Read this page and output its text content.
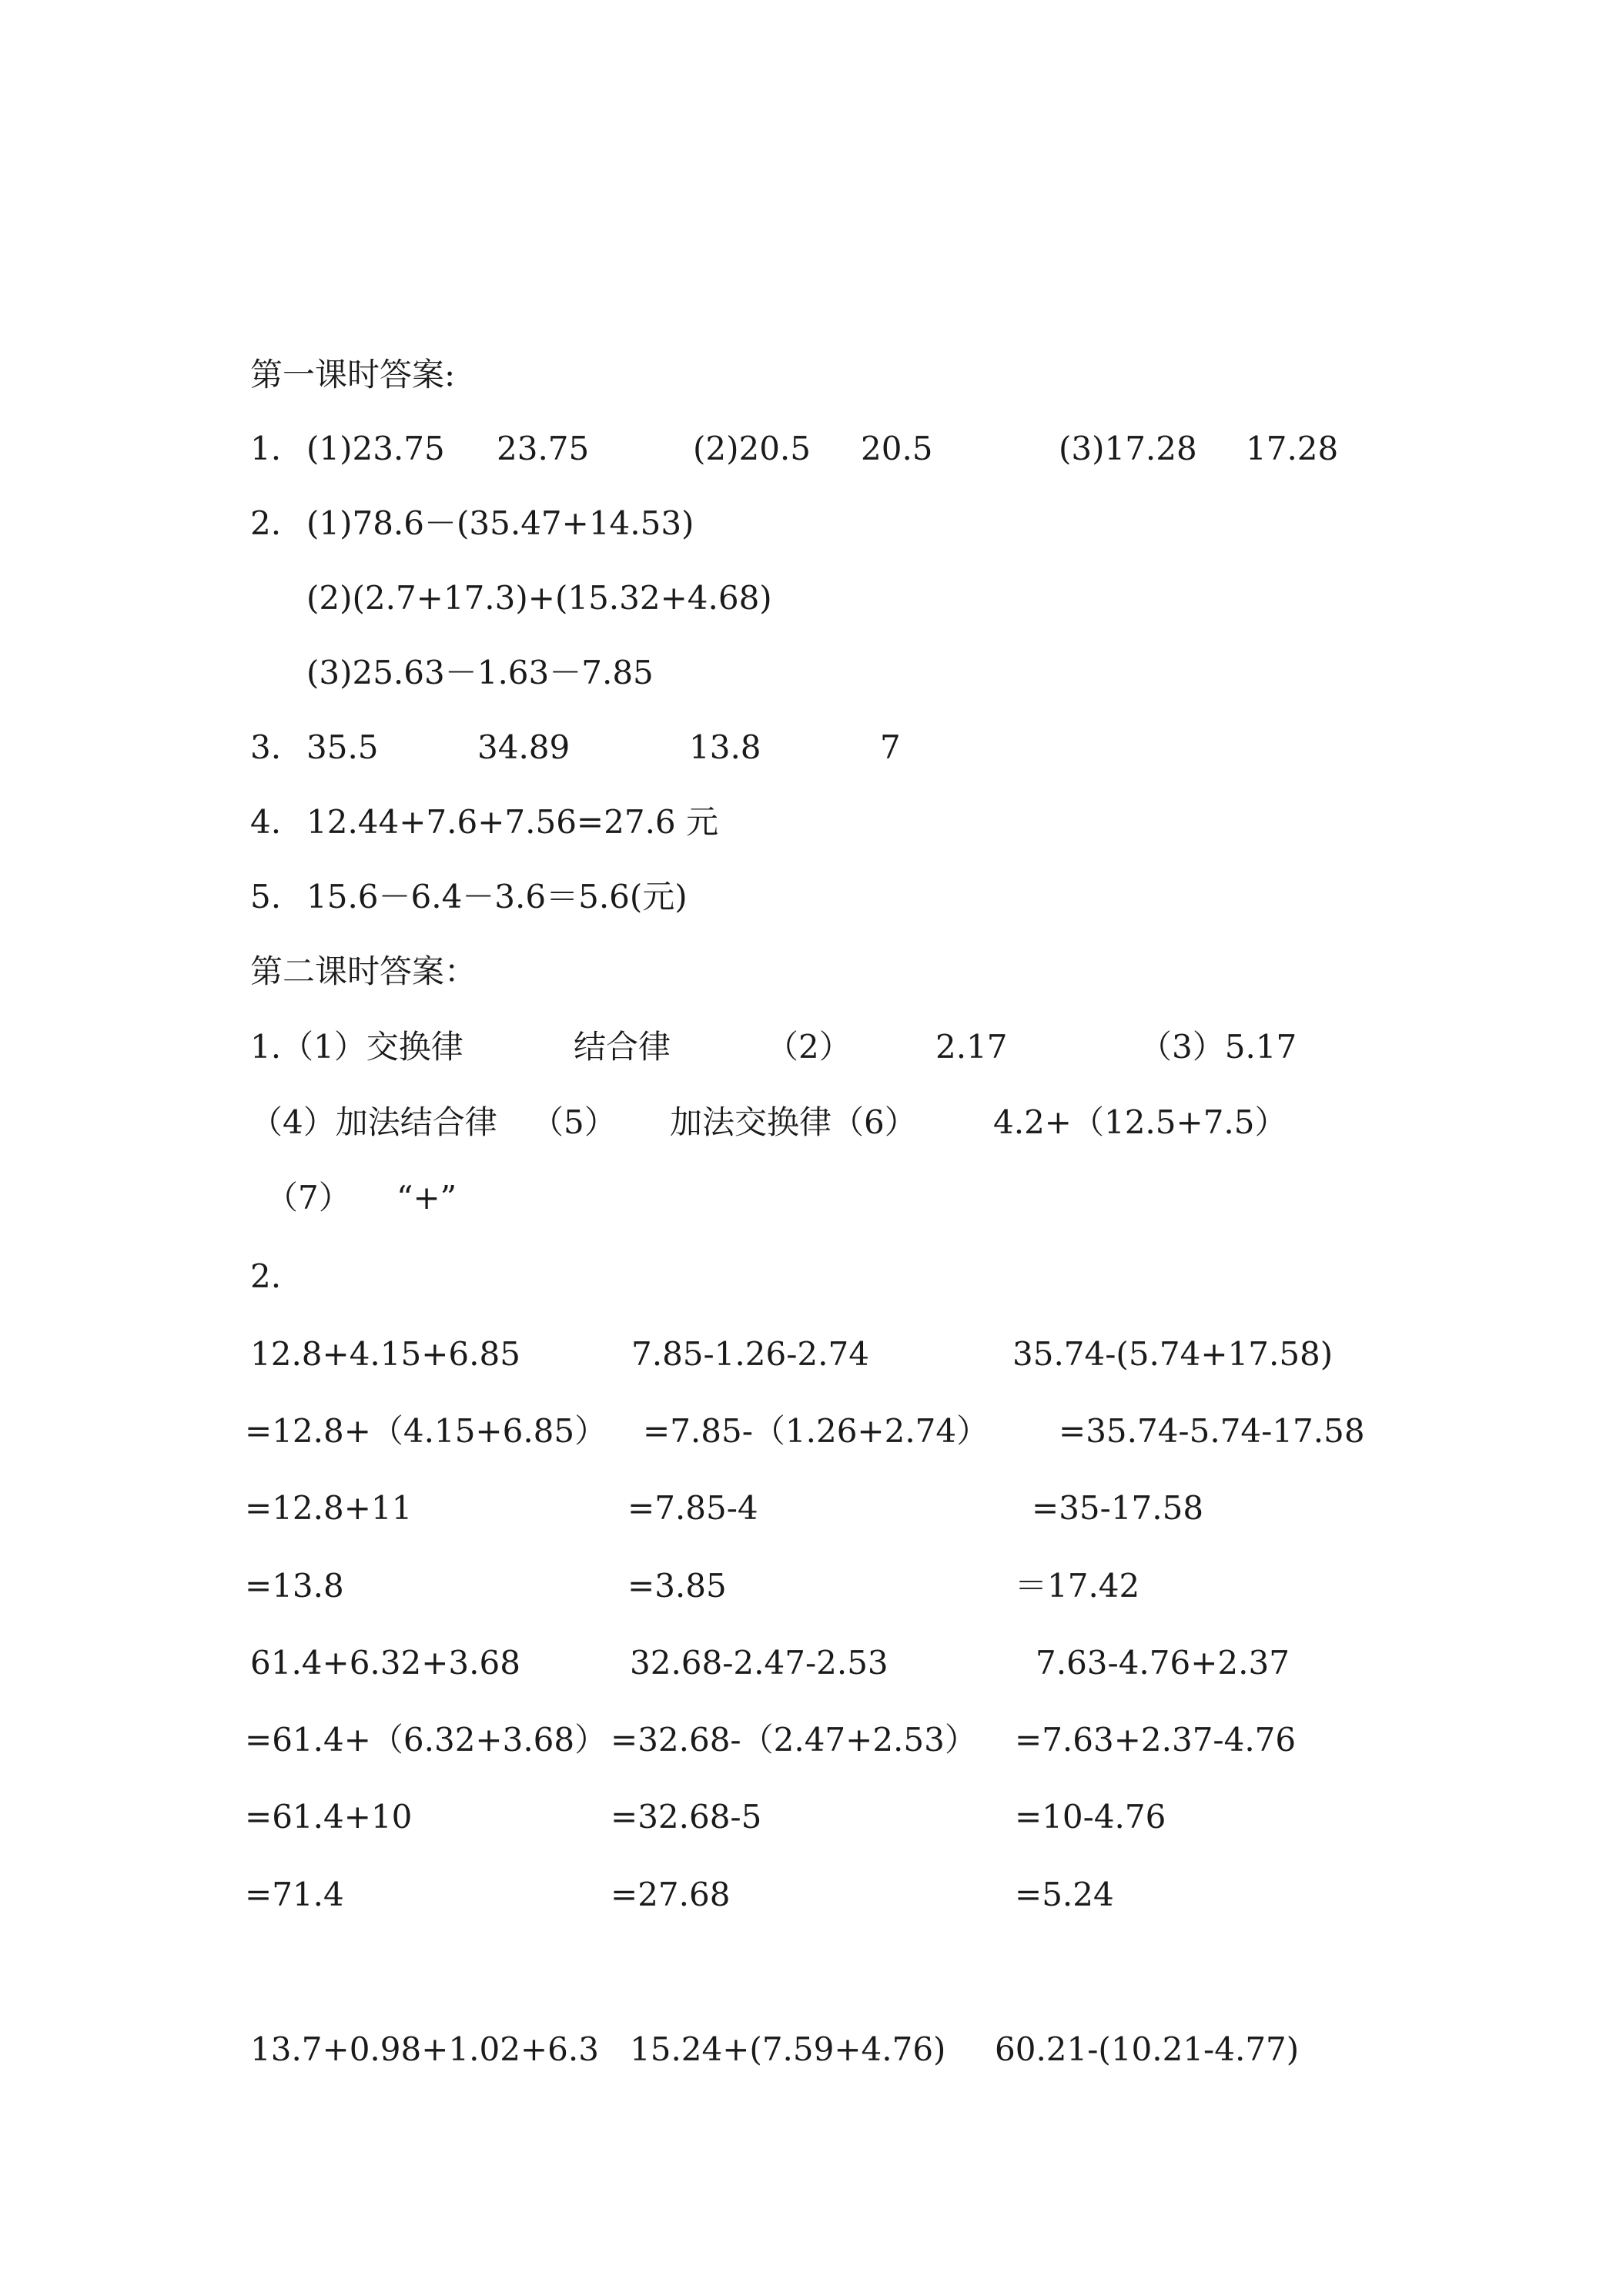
第一课时答案:
1. (1)23.75 23.75	(2)20.5 20.5	(3)17.28 17.28
2. (1)78.6－(35.47+14.53)
(2)(2.7+17.3)+(15.32+4.68)
(3)25.63－1.63－7.85
3. 35.5	34.89	13.8	7
4. 12.44+7.6+7.56=27.6 元
5. 15.6－6.4－3.6＝5.6(元)
第二课时答案：
1.（1）交换律	结合律	（2）	2.17	（3）5.17
（4）加法结合律 （5） 加法交换律（6） 4.2+（12.5+7.5）
（7） “+”
2.
12.8+4.15+6.85	7.85-1.26-2.74	35.74-(5.74+17.58)
=12.8+（4.15+6.85） =7.85-（1.26+2.74） =35.74-5.74-17.58
=12.8+11	=7.85-4	=35-17.58
=13.8	=3.85	＝17.42
61.4+6.32+3.68	32.68-2.47-2.53	7.63-4.76+2.37
=61.4+（6.32+3.68） =32.68-（2.47+2.53） =7.63+2.37-4.76
=61.4+10	=32.68-5	=10-4.76
=71.4	=27.68	=5.24
13.7+0.98+1.02+6.3 15.24+(7.59+4.76) 60.21-(10.21-4.77)
